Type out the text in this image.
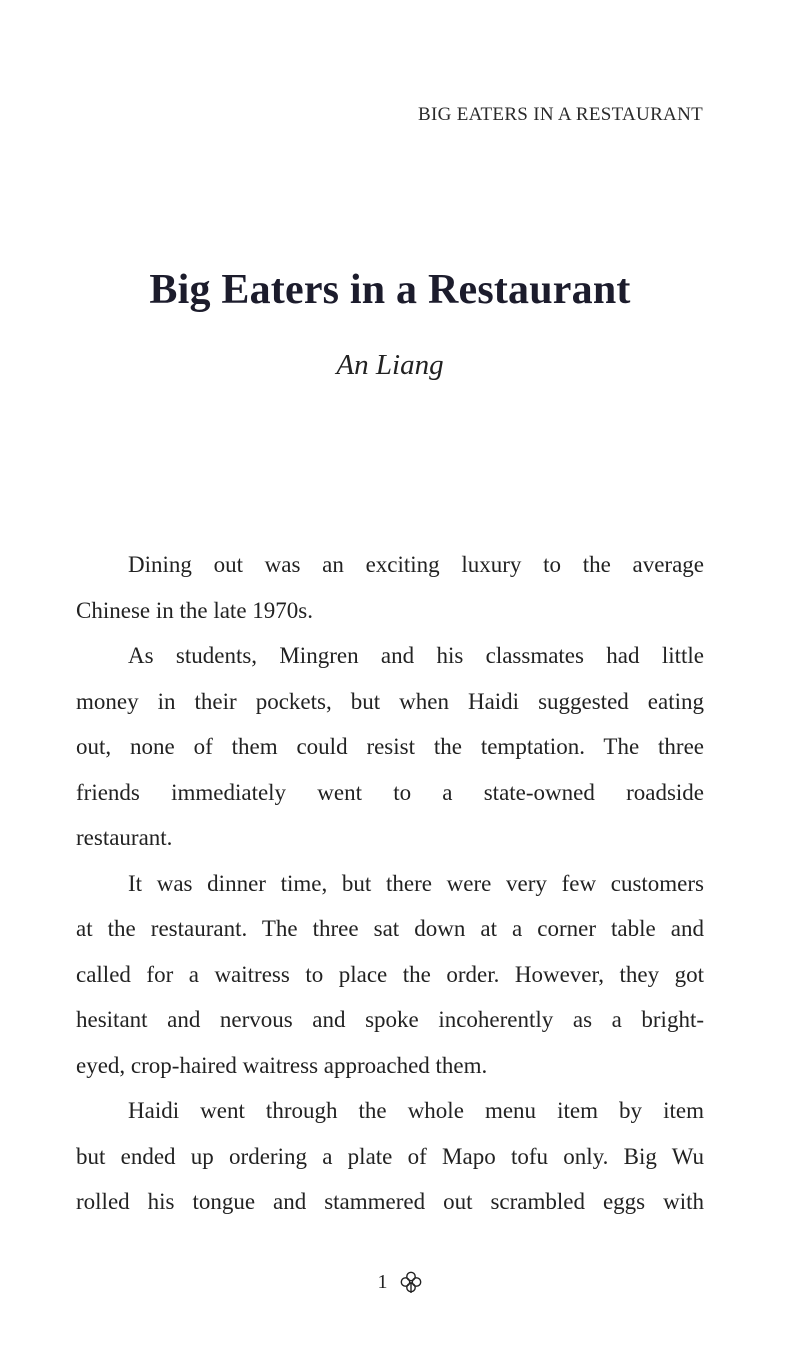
BIG EATERS IN A RESTAURANT
Big Eaters in a Restaurant
An Liang

Dining out was an exciting luxury to the average
Chinese in the late 1970s.

As students, Mingren and his classmates had little
money in their pockets, but when Haidi suggested eating
out, none of them could resist the temptation. The three
friends immediately went to a state-owned roadside
restaurant.

It was dinner time, but there were very few customers
at the restaurant. The three sat down at a corner table and
called for a waitress to place the order. However, they got
hesitant and nervous and spoke incoherently as a bright-
eyed, crop-haired waitress approached them.

Haidi went through the whole menu item by item
but ended up ordering a plate of Mapo tofu only. Big Wu
rolled his tongue and stammered out scrambled eggs with

1
